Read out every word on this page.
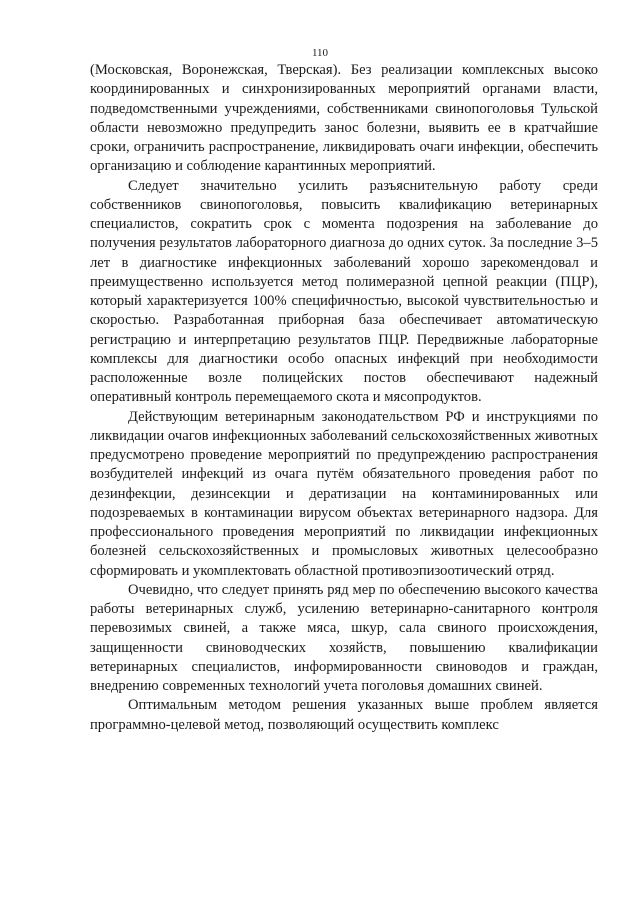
110

(Московская, Воронежская, Тверская). Без реализации комплексных высоко координированных и синхронизированных мероприятий органами власти, подведомственными учреждениями, собственниками свинопоголовья Тульской области невозможно предупредить занос болезни, выявить ее в кратчайшие сроки, ограничить распространение, ликвидировать очаги инфекции, обеспечить организацию и соблюдение карантинных мероприятий.

Следует значительно усилить разъяснительную работу среди собственников свинопоголовья, повысить квалификацию ветеринарных специалистов, сократить срок с момента подозрения на заболевание до получения результатов лабораторного диагноза до одних суток. За последние 3–5 лет в диагностике инфекционных заболеваний хорошо зарекомендовал и преимущественно используется метод полимеразной цепной реакции (ПЦР), который характеризуется 100% специфичностью, высокой чувствительностью и скоростью. Разработанная приборная база обеспечивает автоматическую регистрацию и интерпретацию результатов ПЦР. Передвижные лабораторные комплексы для диагностики особо опасных инфекций при необходимости расположенные возле полицейских постов обеспечивают надежный оперативный контроль перемещаемого скота и мясопродуктов.

Действующим ветеринарным законодательством РФ и инструкциями по ликвидации очагов инфекционных заболеваний сельскохозяйственных животных предусмотрено проведение мероприятий по предупреждению распространения возбудителей инфекций из очага путём обязательного проведения работ по дезинфекции, дезинсекции и дератизации на контаминированных или подозреваемых в контаминации вирусом объектах ветеринарного надзора. Для профессионального проведения мероприятий по ликвидации инфекционных болезней сельскохозяйственных и промысловых животных целесообразно сформировать и укомплектовать областной противоэпизоотический отряд.

Очевидно, что следует принять ряд мер по обеспечению высокого качества работы ветеринарных служб, усилению ветеринарно-санитарного контроля перевозимых свиней, а также мяса, шкур, сала свиного происхождения, защищенности свиноводческих хозяйств, повышению квалификации ветеринарных специалистов, информированности свиноводов и граждан, внедрению современных технологий учета поголовья домашних свиней.

Оптимальным методом решения указанных выше проблем является программно-целевой метод, позволяющий осуществить комплекс
